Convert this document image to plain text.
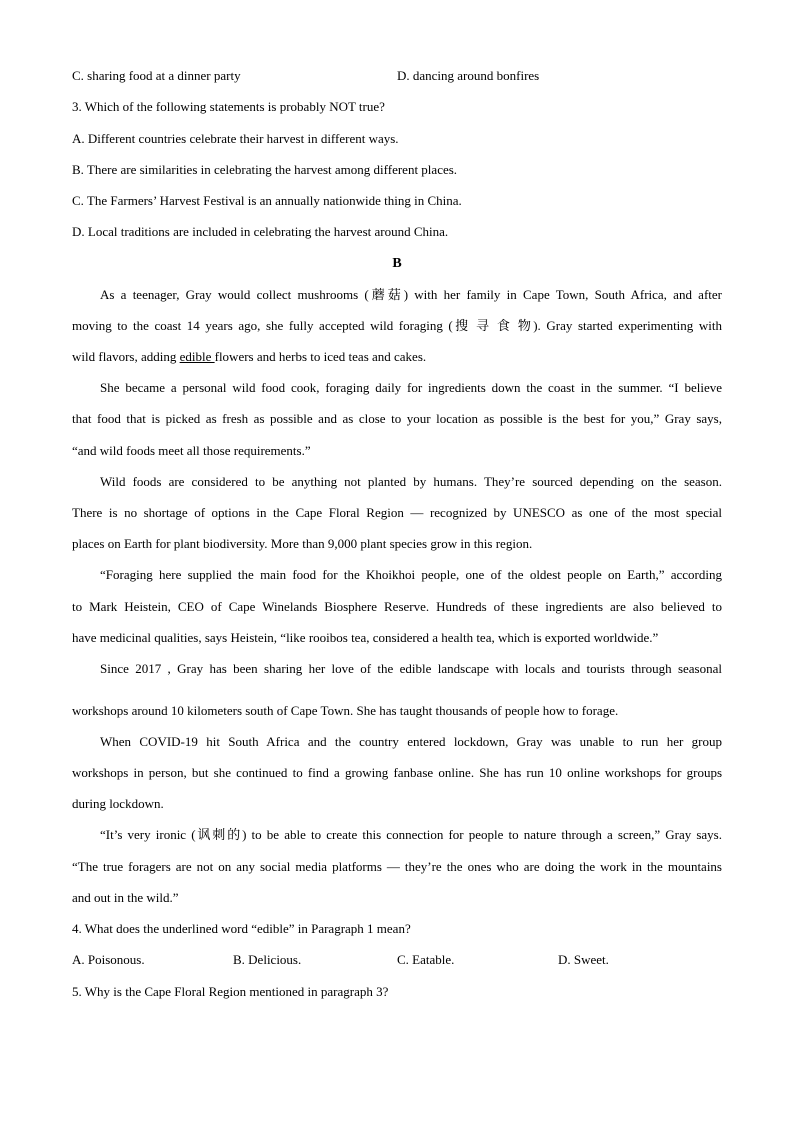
C. sharing food at a dinner party	D. dancing around bonfires
3. Which of the following statements is probably NOT true?
A. Different countries celebrate their harvest in different ways.
B. There are similarities in celebrating the harvest among different places.
C. The Farmers’ Harvest Festival is an annually nationwide thing in China.
D. Local traditions are included in celebrating the harvest around China.
B
As a teenager, Gray would collect mushrooms (蘑菇) with her family in Cape Town, South Africa, and after
moving to the coast 14 years ago, she fully accepted wild foraging (搜 寻 食 物). Gray started experimenting with
wild flavors, adding edible flowers and herbs to iced teas and cakes.
She became a personal wild food cook, foraging daily for ingredients down the coast in the summer. “I believe
that food that is picked as fresh as possible and as close to your location as possible is the best for you,” Gray says,
“and wild foods meet all those requirements.”
Wild foods are considered to be anything not planted by humans. They’re sourced depending on the season.
There is no shortage of options in the Cape Floral Region — recognized by UNESCO as one of the most special
places on Earth for plant biodiversity. More than 9,000 plant species grow in this region.
“Foraging here supplied the main food for the Khoikhoi people, one of the oldest people on Earth,” according
to Mark Heistein, CEO of Cape Winelands Biosphere Reserve. Hundreds of these ingredients are also believed to
have medicinal qualities, says Heistein, “like rooibos tea, considered a health tea, which is exported worldwide.”
Since 2017 , Gray has been sharing her love of the edible landscape with locals and tourists through seasonal
workshops around 10 kilometers south of Cape Town. She has taught thousands of people how to forage.
When COVID-19 hit South Africa and the country entered lockdown, Gray was unable to run her group
workshops in person, but she continued to find a growing fanbase online. She has run 10 online workshops for groups
during lockdown.
“It’s very ironic (讽刺的) to be able to create this connection for people to nature through a screen,” Gray says.
“The true foragers are not on any social media platforms — they’re the ones who are doing the work in the mountains
and out in the wild.”
4. What does the underlined word “edible” in Paragraph 1 mean?
A. Poisonous.	B. Delicious.	C. Eatable.	D. Sweet.
5. Why is the Cape Floral Region mentioned in paragraph 3?
